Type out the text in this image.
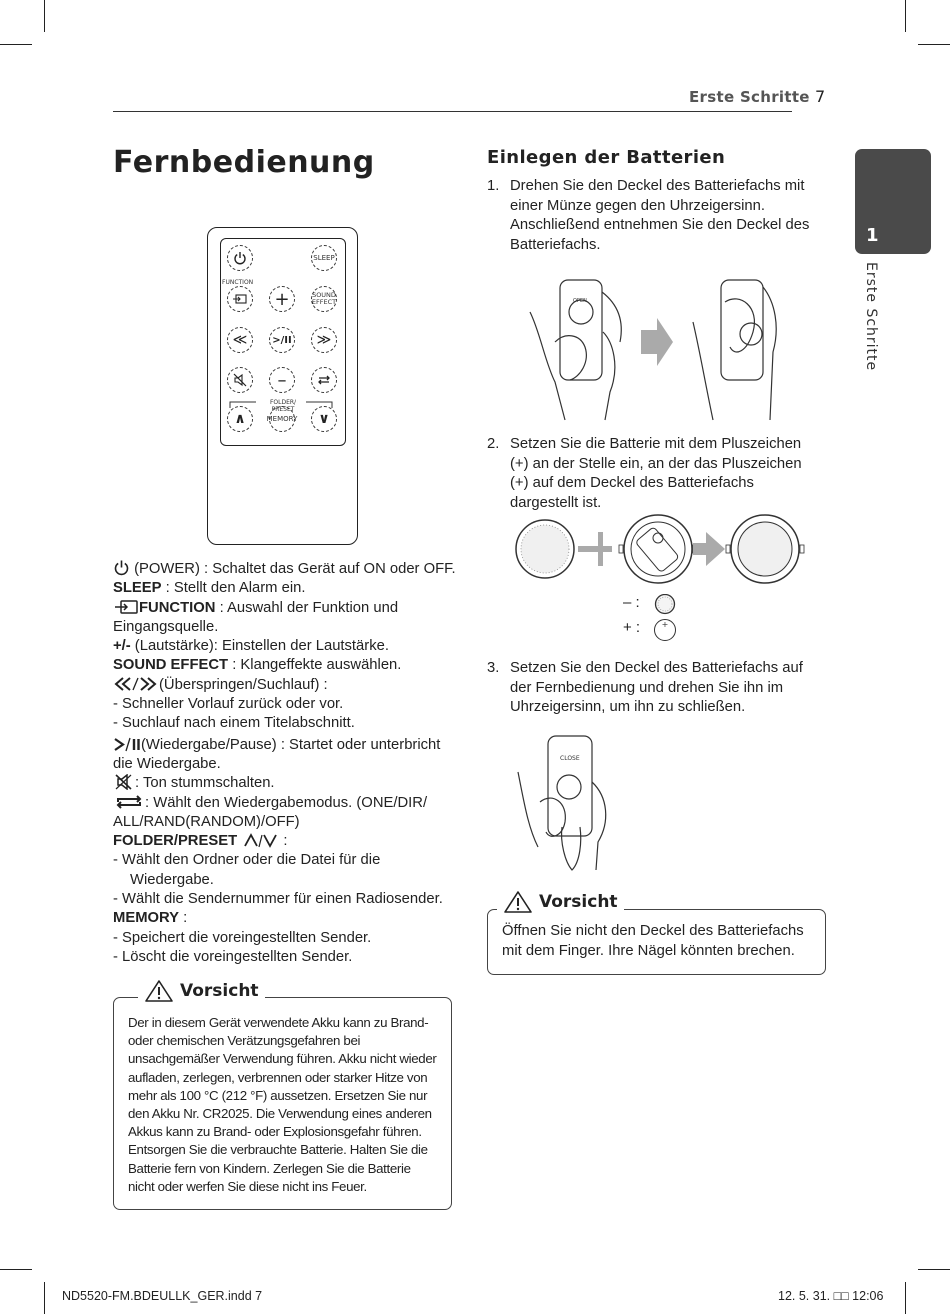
Erste Schritte 7
1
Erste Schritte
Fernbedienung
SLEEP
FUNCTION
+	SOUND EFFECT
≪	>/II	≫
–
FOLDER/ PRESET
∧	MEMORY	∨
(POWER) : Schaltet das Gerät auf ON oder OFF.
SLEEP : Stellt den Alarm ein.
FUNCTION : Auswahl der Funktion und Eingangsquelle.
+/- (Lautstärke): Einstellen der Lautstärke.
SOUND EFFECT : Klangeffekte auswählen.
(Überspringen/Suchlauf) :
- Schneller Vorlauf zurück oder vor.
- Suchlauf nach einem Titelabschnitt.
(Wiedergabe/Pause) : Startet oder unterbricht die Wiedergabe.
: Ton stummschalten.
: Wählt den Wiedergabemodus. (ONE/DIR/ ALL/RAND(RANDOM)/OFF)
FOLDER/PRESET	:
- Wählt den Ordner oder die Datei für die Wiedergabe.
- Wählt die Sendernummer für einen Radiosender.
MEMORY :
- Speichert die voreingestellten Sender.
- Löscht die voreingestellten Sender.
Vorsicht
Der in diesem Gerät verwendete Akku kann zu Brand- oder chemischen Verätzungsgefahren bei unsachgemäßer Verwendung führen. Akku nicht wieder aufladen, zerlegen, verbrennen oder starker Hitze von mehr als 100 °C (212 °F) aussetzen. Ersetzen Sie nur den Akku Nr. CR2025. Die Verwendung eines anderen Akkus kann zu Brand- oder Explosionsgefahr führen. Entsorgen Sie die verbrauchte Batterie. Halten Sie die Batterie fern von Kindern. Zerlegen Sie die Batterie nicht oder werfen Sie diese nicht ins Feuer.
Einlegen der Batterien
1. Drehen Sie den Deckel des Batteriefachs mit einer Münze gegen den Uhrzeigersinn. Anschließend entnehmen Sie den Deckel des Batteriefachs.
OPEN
2. Setzen Sie die Batterie mit dem Pluszeichen (+) an der Stelle ein, an der das Pluszeichen (+) auf dem Deckel des Batteriefachs dargestellt ist.
– :
+ :	+
3. Setzen Sie den Deckel des Batteriefachs auf der Fernbedienung und drehen Sie ihn im Uhrzeigersinn, um ihn zu schließen.
CLOSE
Vorsicht
Öffnen Sie nicht den Deckel des Batteriefachs mit dem Finger. Ihre Nägel könnten brechen.
ND5520-FM.BDEULLK_GER.indd 7	12. 5. 31. □□ 12:06
